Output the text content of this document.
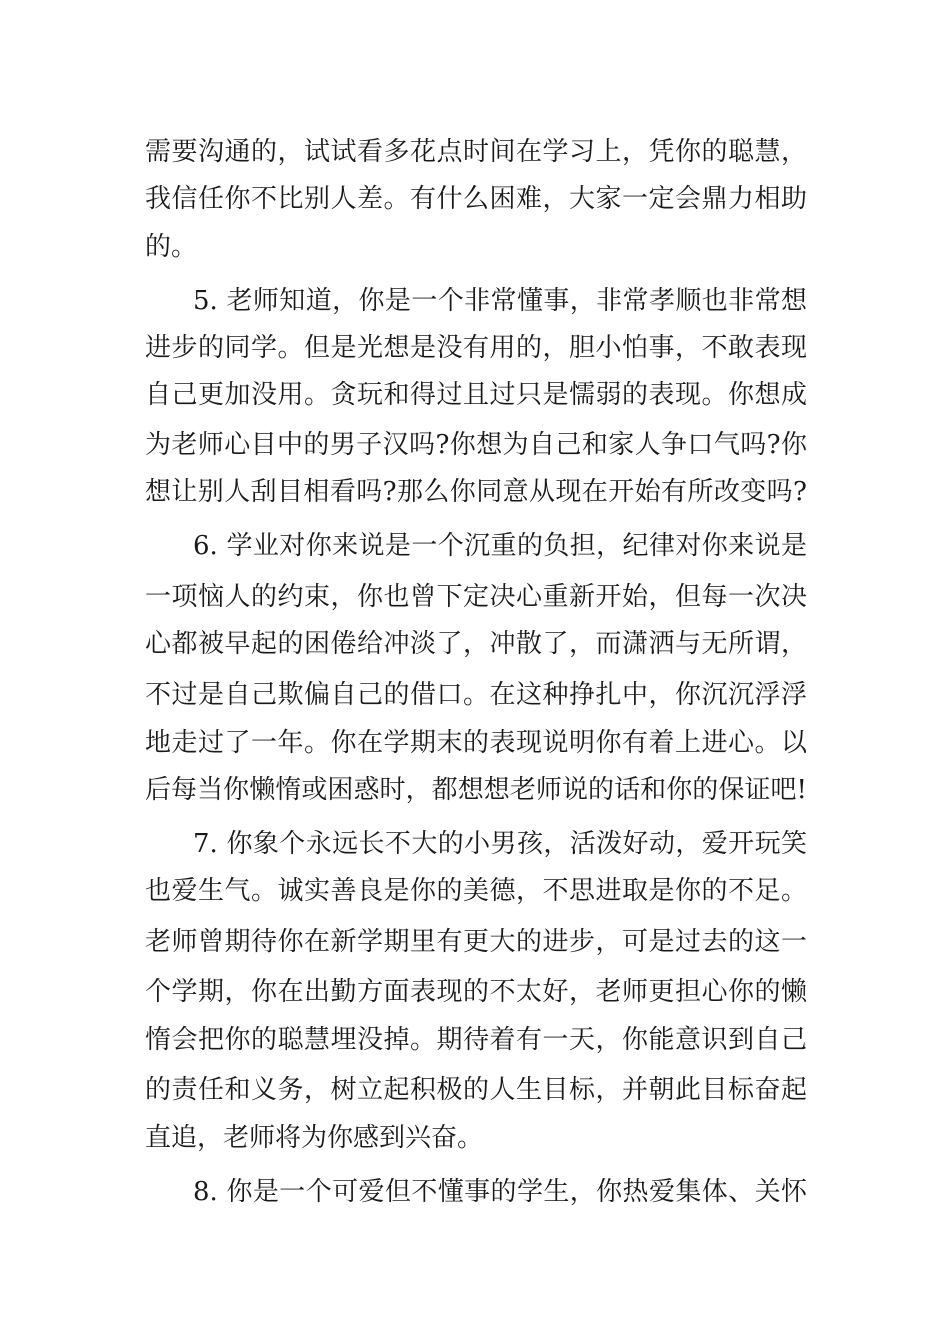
需要沟通的，试试看多花点时间在学习上，凭你的聪慧，
我信任你不比别人差。有什么困难，大家一定会鼎力相助
的。
5. 老师知道，你是一个非常懂事，非常孝顺也非常想
进步的同学。但是光想是没有用的，胆小怕事，不敢表现
自己更加没用。贪玩和得过且过只是懦弱的表现。你想成
为老师心目中的男子汉吗?你想为自己和家人争口气吗?你
想让别人刮目相看吗?那么你同意从现在开始有所改变吗?
6. 学业对你来说是一个沉重的负担，纪律对你来说是
一项恼人的约束，你也曾下定决心重新开始，但每一次决
心都被早起的困倦给冲淡了，冲散了，而潇洒与无所谓，
不过是自己欺偏自己的借口。在这种挣扎中，你沉沉浮浮
地走过了一年。你在学期末的表现说明你有着上进心。以
后每当你懒惰或困惑时，都想想老师说的话和你的保证吧!
7. 你象个永远长不大的小男孩，活泼好动，爱开玩笑
也爱生气。诚实善良是你的美德，不思进取是你的不足。
老师曾期待你在新学期里有更大的进步，可是过去的这一
个学期，你在出勤方面表现的不太好，老师更担心你的懒
惰会把你的聪慧埋没掉。期待着有一天，你能意识到自己
的责任和义务，树立起积极的人生目标，并朝此目标奋起
直追，老师将为你感到兴奋。
8. 你是一个可爱但不懂事的学生，你热爱集体、关怀
